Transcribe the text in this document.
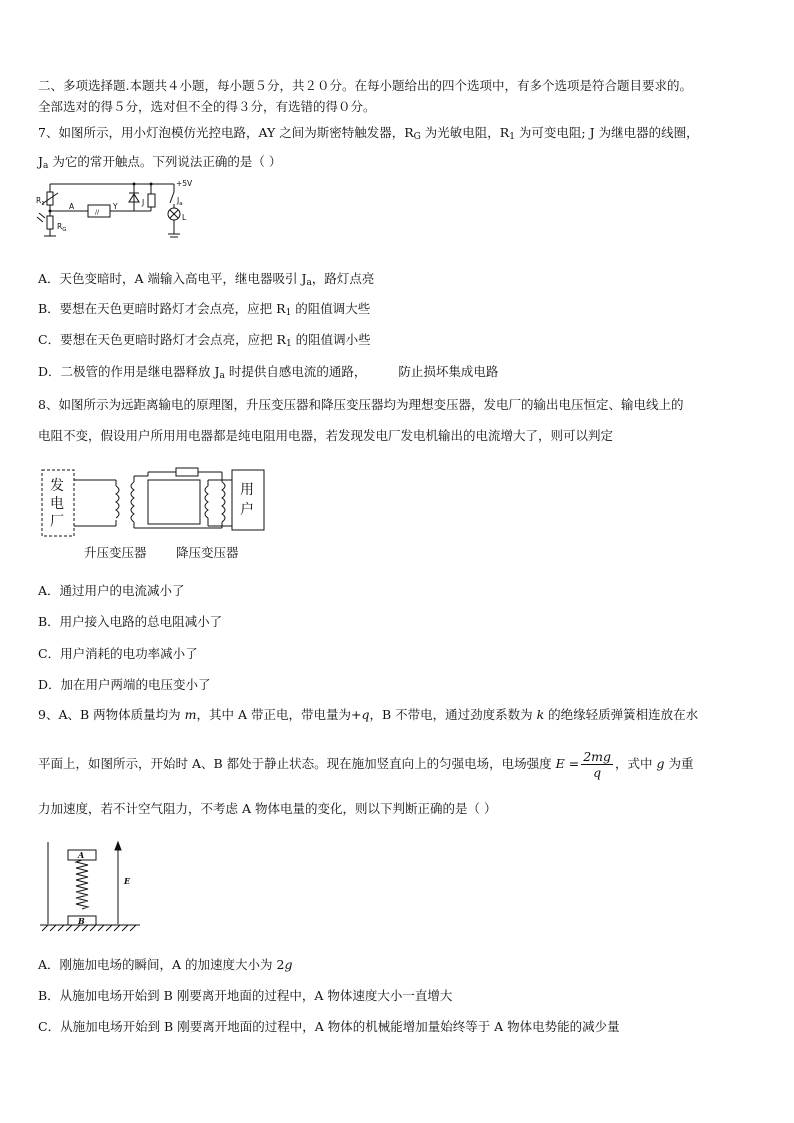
二、多项选择题.本题共４小题，每小题５分，共２０分。在每小题给出的四个选项中，有多个选项是符合题目要求的。
全部选对的得５分，选对但不全的得３分，有选错的得０分。
7、如图所示，用小灯泡模仿光控电路，AY 之间为斯密特触发器，$R_G$ 为光敏电阻，$R_1$ 为可变电阻; J 为继电器的线圈，
$J_a$ 为它的常开触点。下列说法正确的是（ ）
+5V
$R_1$
$R_G$
A
//
Y	J	$J_a$
L
A．天色变暗时，A 端输入高电平，继电器吸引 $J_a$，路灯点亮
B．要想在天色更暗时路灯才会点亮，应把 $R_1$ 的阻值调大些
C．要想在天色更暗时路灯才会点亮，应把 $R_1$ 的阻值调小些
D．二极管的作用是继电器释放 $J_a$ 时提供自感电流的通路，	防止损坏集成电路
8、如图所示为远距离输电的原理图，升压变压器和降压变压器均为理想变压器，发电厂的输出电压恒定、输电线上的
电阻不变，假设用户所用用电器都是纯电阻用电器，若发现发电厂发电机输出的电流增大了，则可以判定
发
电
厂
用
户
升压变压器 降压变压器
A．通过用户的电流减小了
B．用户接入电路的总电阻减小了
C．用户消耗的电功率减小了
D．加在用户两端的电压变小了
9、A、B 两物体质量均为 m，其中 A 带正电，带电量为+q，B 不带电，通过劲度系数为 k 的绝缘轻质弹簧相连放在水
平面上，如图所示，开始时 A、B 都处于静止状态。现在施加竖直向上的匀强电场，电场强度 $E = \frac{2mg}{q}$ ，式中 g 为重
力加速度，若不计空气阻力，不考虑 A 物体电量的变化，则以下判断正确的是（ ）
A
B
E
A．刚施加电场的瞬间，A 的加速度大小为 2g
B．从施加电场开始到 B 刚要离开地面的过程中，A 物体速度大小一直增大
C．从施加电场开始到 B 刚要离开地面的过程中，A 物体的机械能增加量始终等于 A 物体电势能的减少量
